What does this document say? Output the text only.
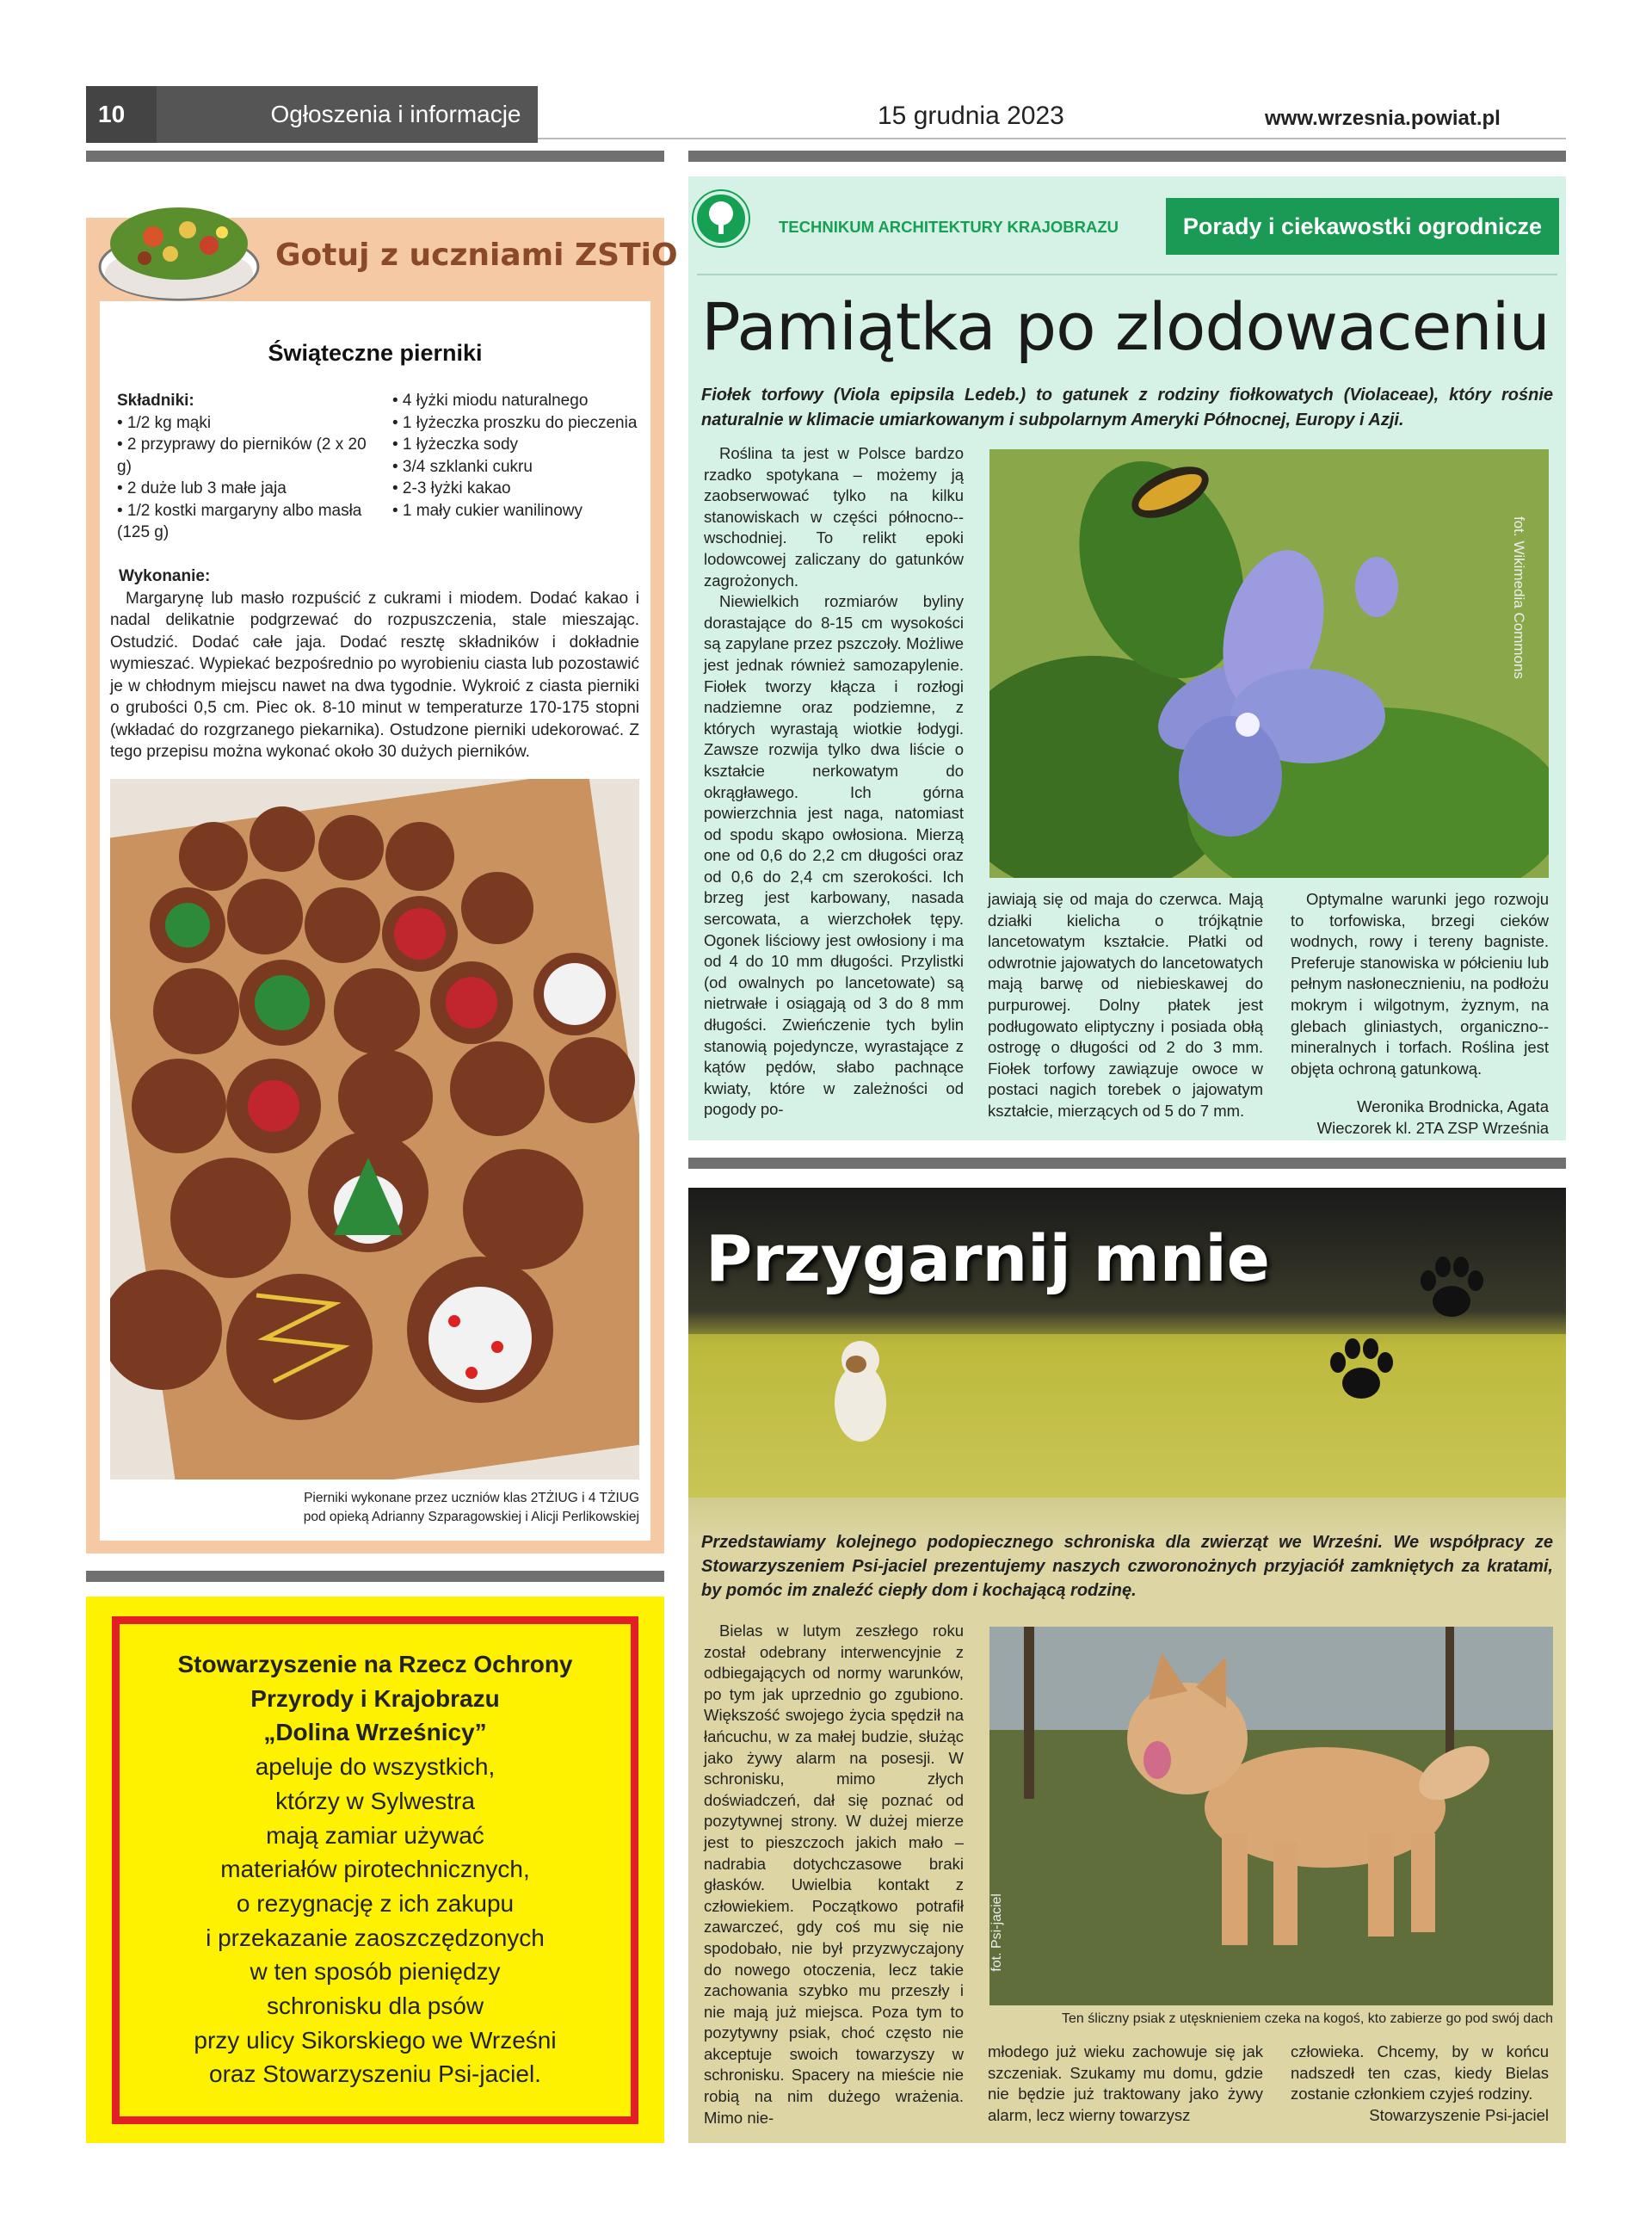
10	Ogłoszenia i informacje	15 grudnia 2023	www.wrzesnia.powiat.pl
Gotuj z uczniami ZSTiO
Świąteczne pierniki
Składniki:
• 1/2 kg mąki
• 2 przyprawy do pierników (2 x 20 g)
• 2 duże lub 3 małe jaja
• 1/2 kostki margaryny albo masła (125 g)
• 4 łyżki miodu naturalnego
• 1 łyżeczka proszku do pieczenia
• 1 łyżeczka sody
• 3/4 szklanki cukru
• 2-3 łyżki kakao
• 1 mały cukier wanilinowy
Wykonanie:
Margarynę lub masło rozpuścić z cukrami i miodem. Dodać kakao i nadal delikatnie podgrzewać do rozpuszczenia, stale mieszając. Ostudzić. Dodać całe jaja. Dodać resztę składników i dokładnie wymieszać. Wypiekać bezpośrednio po wyrobieniu ciasta lub pozostawić je w chłodnym miejscu nawet na dwa tygodnie. Wykroić z ciasta pierniki o grubości 0,5 cm. Piec ok. 8-10 minut w temperaturze 170-175 stopni (wkładać do rozgrzanego piekarnika). Ostudzone pierniki udekorować. Z tego przepisu można wykonać około 30 dużych pierników.
Pierniki wykonane przez uczniów klas 2TŻIUG i 4 TŻIUG
pod opieką Adrianny Szparagowskiej i Alicji Perlikowskiej
Stowarzyszenie na Rzecz Ochrony
Przyrody i Krajobrazu
„Dolina Wrześnicy”
apeluje do wszystkich,
którzy w Sylwestra
mają zamiar używać
materiałów pirotechnicznych,
o rezygnację z ich zakupu
i przekazanie zaoszczędzonych
w ten sposób pieniędzy
schronisku dla psów
przy ulicy Sikorskiego we Wrześni
oraz Stowarzyszeniu Psi-jaciel.
TECHNIKUM ARCHITEKTURY KRAJOBRAZU	Porady i ciekawostki ogrodnicze
Pamiątka po zlodowaceniu
Fiołek torfowy (Viola epipsila Ledeb.) to gatunek z rodziny fiołkowatych (Violaceae), który rośnie naturalnie w klimacie umiarkowanym i subpolarnym Ameryki Północnej, Europy i Azji.

Roślina ta jest w Polsce bardzo rzadko spotykana – możemy ją zaobserwować tylko na kilku stanowiskach w części północno--wschodniej. To relikt epoki lodowcowej zaliczany do gatunków zagrożonych.

Niewielkich rozmiarów byliny dorastające do 8-15 cm wysokości są zapylane przez pszczoły. Możliwe jest jednak również samozapylenie. Fiołek tworzy kłącza i rozłogi nadziemne oraz podziemne, z których wyrastają wiotkie łodygi. Zawsze rozwija tylko dwa liście o kształcie nerkowatym do okrągławego. Ich górna powierzchnia jest naga, natomiast od spodu skąpo owłosiona. Mierzą one od 0,6 do 2,2 cm długości oraz od 0,6 do 2,4 cm szerokości. Ich brzeg jest karbowany, nasada sercowata, a wierzchołek tępy. Ogonek liściowy jest owłosiony i ma od 4 do 10 mm długości. Przylistki (od owalnych po lancetowate) są nietrwałe i osiągają od 3 do 8 mm długości. Zwieńczenie tych bylin stanowią pojedyncze, wyrastające z kątów pędów, słabo pachnące kwiaty, które w zależności od pogody po-

fot. Wikimedia Commons
jawiają się od maja do czerwca. Mają działki kielicha o trójkątnie lancetowatym kształcie. Płatki od odwrotnie jajowatych do lancetowatych mają barwę od niebieskawej do purpurowej. Dolny płatek jest podługowato eliptyczny i posiada obłą ostrogę o długości od 2 do 3 mm. Fiołek torfowy zawiązuje owoce w postaci nagich torebek o jajowatym kształcie, mierzących od 5 do 7 mm.

Optymalne warunki jego rozwoju to torfowiska, brzegi cieków wodnych, rowy i tereny bagniste. Preferuje stanowiska w półcieniu lub pełnym nasłonecznieniu, na podłożu mokrym i wilgotnym, żyznym, na glebach gliniastych, organiczno--mineralnych i torfach. Roślina jest objęta ochroną gatunkową.

Weronika Brodnicka, Agata Wieczorek kl. 2TA ZSP Września
Przygarnij mnie
Przedstawiamy kolejnego podopiecznego schroniska dla zwierząt we Wrześni. We współpracy ze Stowarzyszeniem Psi-jaciel prezentujemy naszych czworonożnych przyjaciół zamkniętych za kratami, by pomóc im znaleźć ciepły dom i kochającą rodzinę.

Bielas w lutym zeszłego roku został odebrany interwencyjnie z odbiegających od normy warunków, po tym jak uprzednio go zgubiono. Większość swojego życia spędził na łańcuchu, w za małej budzie, służąc jako żywy alarm na posesji. W schronisku, mimo złych doświadczeń, dał się poznać od pozytywnej strony. W dużej mierze jest to pieszczoch jakich mało – nadrabia dotychczasowe braki głasków. Uwielbia kontakt z człowiekiem. Początkowo potrafił zawarczeć, gdy coś mu się nie spodobało, nie był przyzwyczajony do nowego otoczenia, lecz takie zachowania szybko mu przeszły i nie mają już miejsca. Poza tym to pozytywny psiak, choć często nie akceptuje swoich towarzyszy w schronisku. Spacery na mieście nie robią na nim dużego wrażenia. Mimo nie-

fot. Psi-jaciel
Ten śliczny psiak z utęsknieniem czeka na kogoś, kto zabierze go pod swój dach
młodego już wieku zachowuje się jak szczeniak. Szukamy mu domu, gdzie nie będzie już traktowany jako żywy alarm, lecz wierny towarzysz
człowieka. Chcemy, by w końcu nadszedł ten czas, kiedy Bielas zostanie członkiem czyjeś rodziny.
Stowarzyszenie Psi-jaciel
